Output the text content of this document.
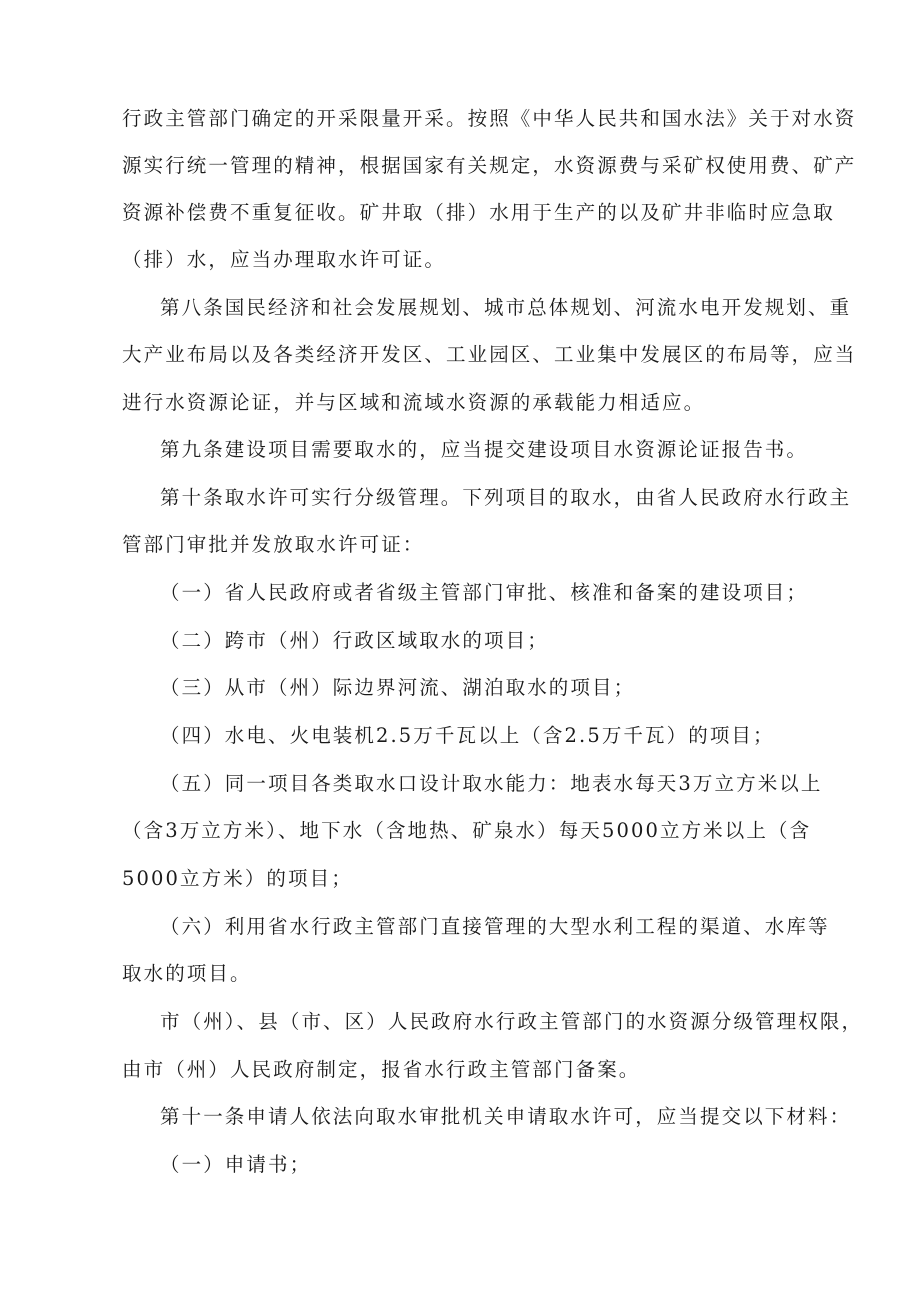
行政主管部门确定的开采限量开采。按照《中华人民共和国水法》关于对水资
源实行统一管理的精神，根据国家有关规定，水资源费与采矿权使用费、矿产
资源补偿费不重复征收。矿井取（排）水用于生产的以及矿井非临时应急取
（排）水，应当办理取水许可证。
第八条国民经济和社会发展规划、城市总体规划、河流水电开发规划、重
大产业布局以及各类经济开发区、工业园区、工业集中发展区的布局等，应当
进行水资源论证，并与区域和流域水资源的承载能力相适应。
第九条建设项目需要取水的，应当提交建设项目水资源论证报告书。
第十条取水许可实行分级管理。下列项目的取水，由省人民政府水行政主
管部门审批并发放取水许可证：
（一）省人民政府或者省级主管部门审批、核准和备案的建设项目；
（二）跨市（州）行政区域取水的项目；
（三）从市（州）际边界河流、湖泊取水的项目；
（四）水电、火电装机2.5万千瓦以上（含2.5万千瓦）的项目；
（五）同一项目各类取水口设计取水能力：地表水每天3万立方米以上
（含3万立方米）、地下水（含地热、矿泉水）每天5000立方米以上（含
5000立方米）的项目；
（六）利用省水行政主管部门直接管理的大型水利工程的渠道、水库等
取水的项目。
市（州）、县（市、区）人民政府水行政主管部门的水资源分级管理权限，
由市（州）人民政府制定，报省水行政主管部门备案。
第十一条申请人依法向取水审批机关申请取水许可，应当提交以下材料：
（一）申请书；
